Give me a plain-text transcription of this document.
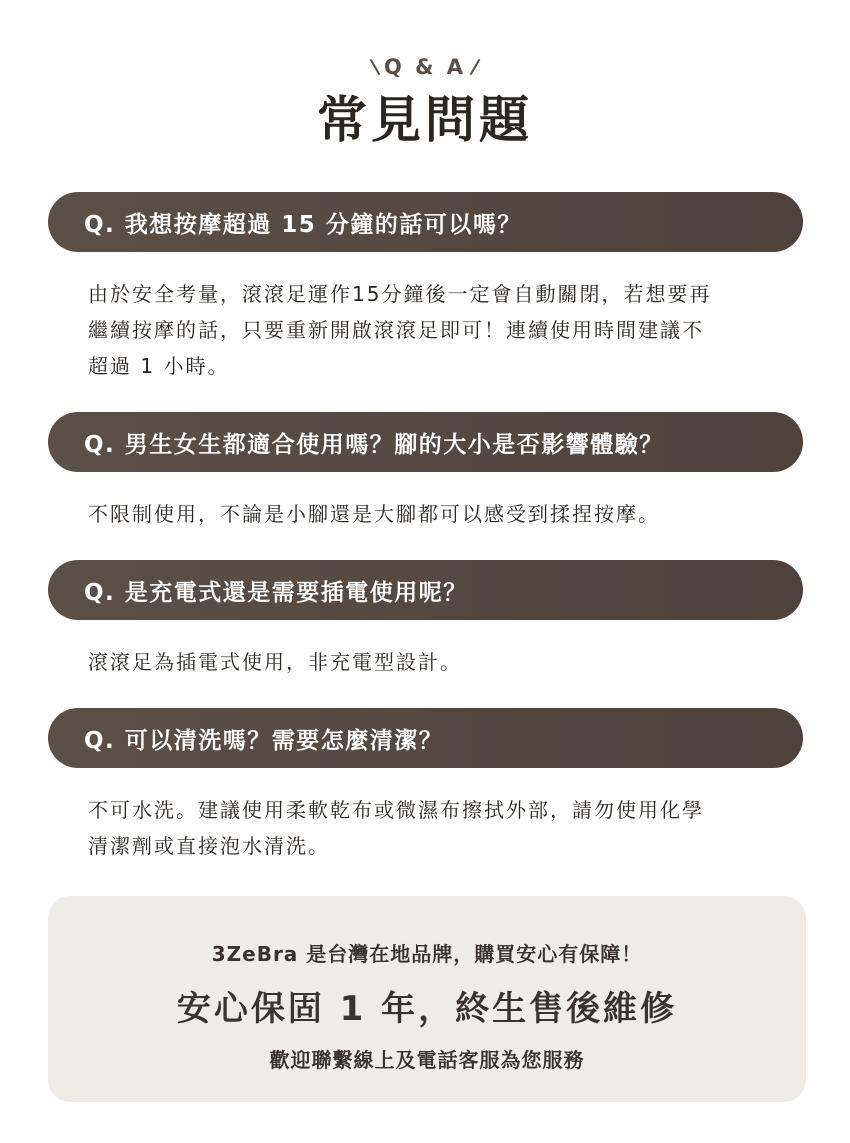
Q & A
常見問題
Q. 我想按摩超過 15 分鐘的話可以嗎？
由於安全考量，滾滾足運作15分鐘後一定會自動關閉，若想要再
繼續按摩的話，只要重新開啟滾滾足即可！連續使用時間建議不
超過 1 小時。
Q. 男生女生都適合使用嗎？腳的大小是否影響體驗？
不限制使用，不論是小腳還是大腳都可以感受到揉捏按摩。
Q. 是充電式還是需要插電使用呢？
滾滾足為插電式使用，非充電型設計。
Q. 可以清洗嗎？需要怎麼清潔？
不可水洗。建議使用柔軟乾布或微濕布擦拭外部，請勿使用化學
清潔劑或直接泡水清洗。
3ZeBra 是台灣在地品牌，購買安心有保障！
安心保固 1 年，終生售後維修
歡迎聯繫線上及電話客服為您服務
